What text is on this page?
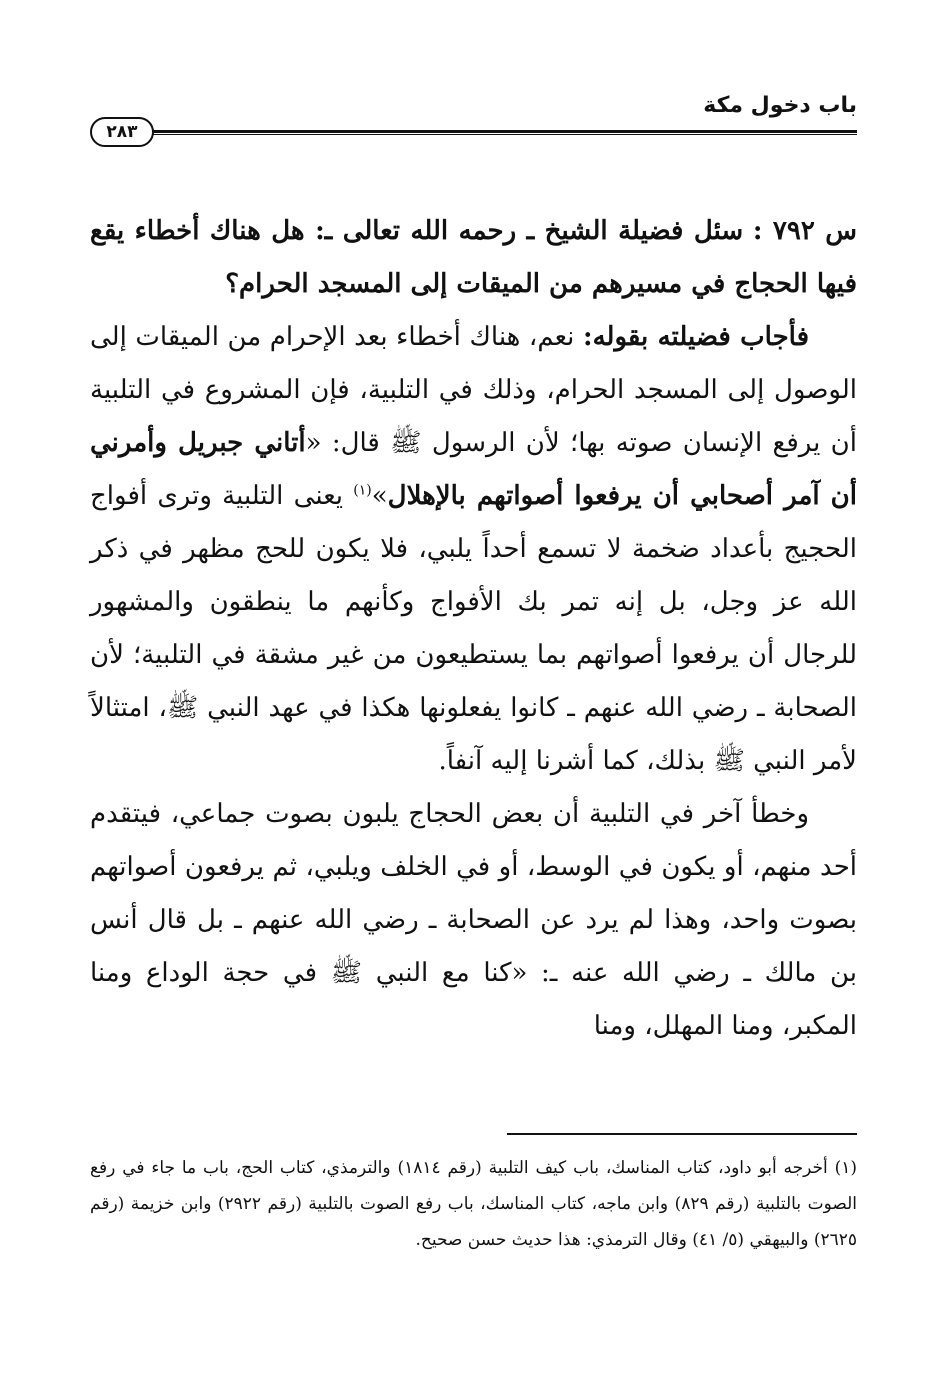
باب دخول مكة
٢٨٣

س ٧٩٢ : سئل فضيلة الشيخ ـ رحمه الله تعالى ـ: هل هناك أخطاء يقع فيها الحجاج في مسيرهم من الميقات إلى المسجد الحرام؟

فأجاب فضيلته بقوله: نعم، هناك أخطاء بعد الإحرام من الميقات إلى الوصول إلى المسجد الحرام، وذلك في التلبية، فإن المشروع في التلبية أن يرفع الإنسان صوته بها؛ لأن الرسول ﷺ قال: «أتاني جبريل وأمرني أن آمر أصحابي أن يرفعوا أصواتهم بالإهلال»$^{(١)}$ يعنى التلبية وترى أفواج الحجيج بأعداد ضخمة لا تسمع أحداً يلبي، فلا يكون للحج مظهر في ذكر الله عز وجل، بل إنه تمر بك الأفواج وكأنهم ما ينطقون والمشهور للرجال أن يرفعوا أصواتهم بما يستطيعون من غير مشقة في التلبية؛ لأن الصحابة ـ رضي الله عنهم ـ كانوا يفعلونها هكذا في عهد النبي ﷺ، امتثالاً لأمر النبي ﷺ بذلك، كما أشرنا إليه آنفاً.

وخطأ آخر في التلبية أن بعض الحجاج يلبون بصوت جماعي، فيتقدم أحد منهم، أو يكون في الوسط، أو في الخلف ويلبي، ثم يرفعون أصواتهم بصوت واحد، وهذا لم يرد عن الصحابة ـ رضي الله عنهم ـ بل قال أنس بن مالك ـ رضي الله عنه ـ: «كنا مع النبي ﷺ في حجة الوداع ومنا المكبر، ومنا المهلل، ومنا

(١) أخرجه أبو داود، كتاب المناسك، باب كيف التلبية (رقم ١٨١٤) والترمذي، كتاب الحج، باب ما جاء في رفع الصوت بالتلبية (رقم ٨٢٩) وابن ماجه، كتاب المناسك، باب رفع الصوت بالتلبية (رقم ٢٩٢٢) وابن خزيمة (رقم ٢٦٢٥) والبيهقي (٥/ ٤١) وقال الترمذي: هذا حديث حسن صحيح.
